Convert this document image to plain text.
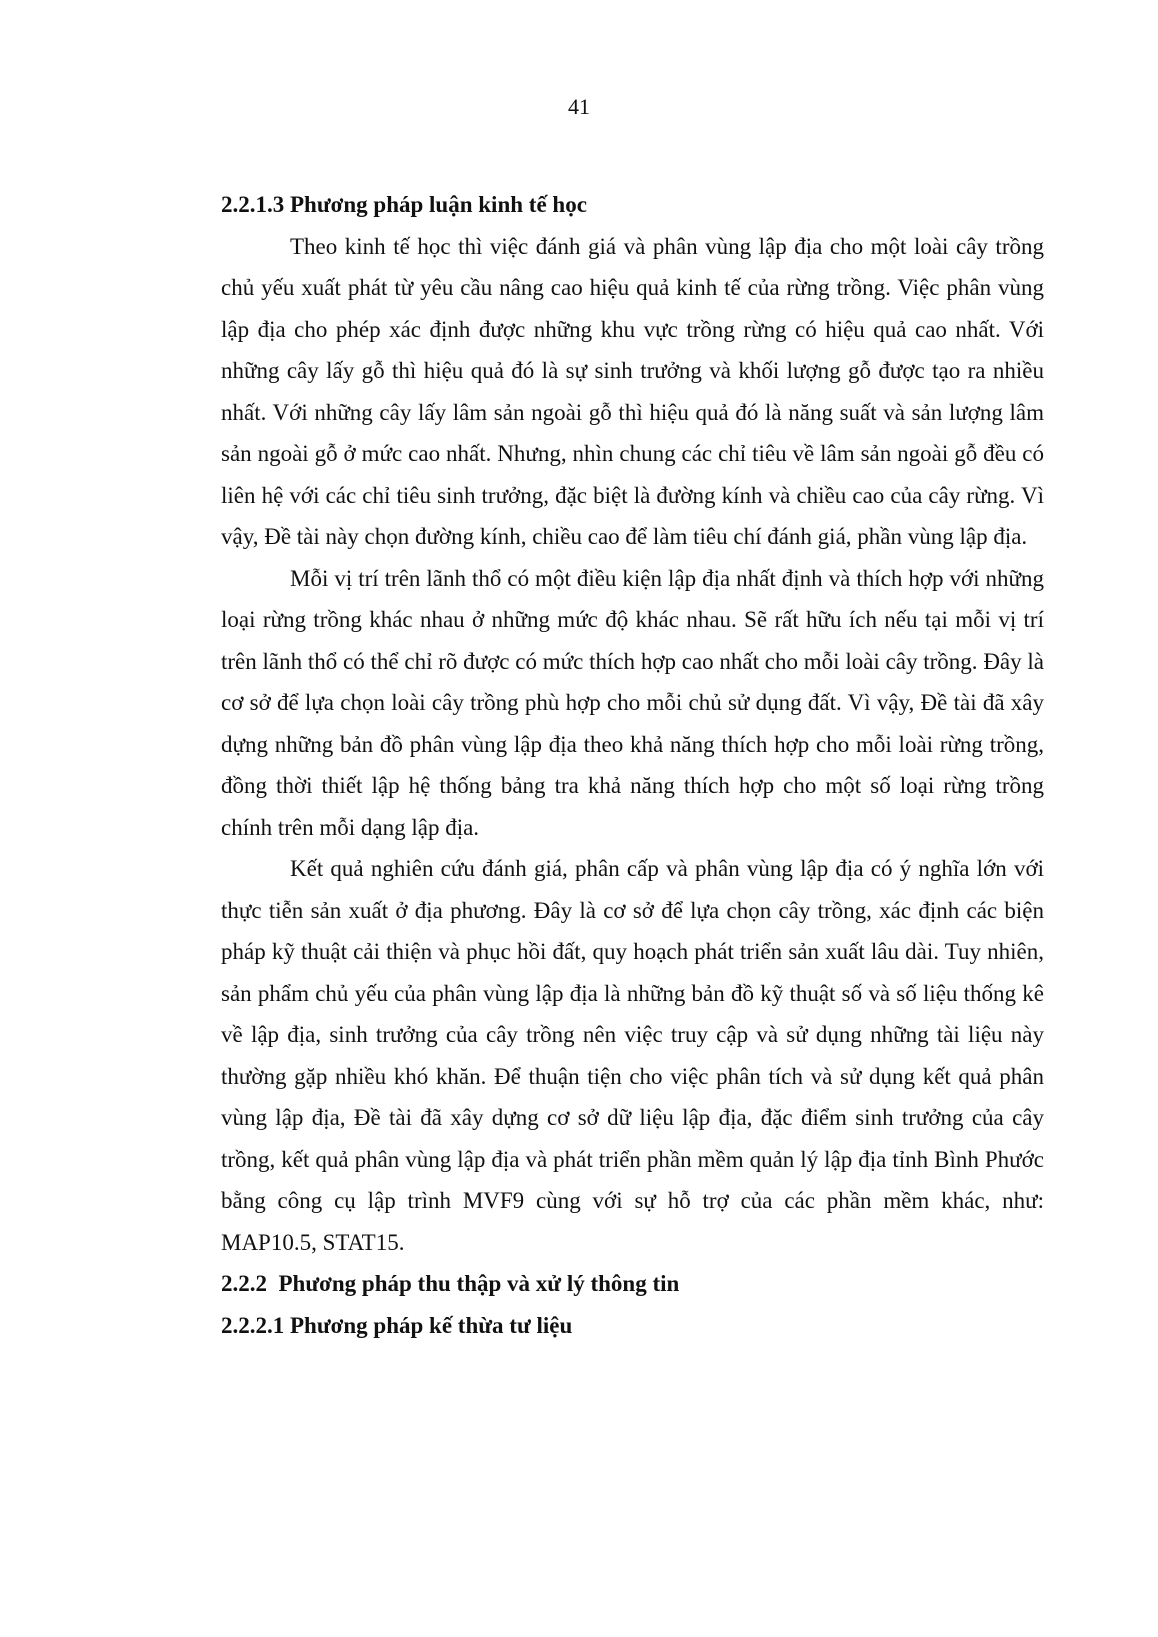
41
2.2.1.3 Phương pháp luận kinh tế học

Theo kinh tế học thì việc đánh giá và phân vùng lập địa cho một loài cây trồng chủ yếu xuất phát từ yêu cầu nâng cao hiệu quả kinh tế của rừng trồng. Việc phân vùng lập địa cho phép xác định được những khu vực trồng rừng có hiệu quả cao nhất. Với những cây lấy gỗ thì hiệu quả đó là sự sinh trưởng và khối lượng gỗ được tạo ra nhiều nhất. Với những cây lấy lâm sản ngoài gỗ thì hiệu quả đó là năng suất và sản lượng lâm sản ngoài gỗ ở mức cao nhất. Nhưng, nhìn chung các chỉ tiêu về lâm sản ngoài gỗ đều có liên hệ với các chỉ tiêu sinh trưởng, đặc biệt là đường kính và chiều cao của cây rừng. Vì vậy, Đề tài này chọn đường kính, chiều cao để làm tiêu chí đánh giá, phần vùng lập địa.

Mỗi vị trí trên lãnh thổ có một điều kiện lập địa nhất định và thích hợp với những loại rừng trồng khác nhau ở những mức độ khác nhau. Sẽ rất hữu ích nếu tại mỗi vị trí trên lãnh thổ có thể chỉ rõ được có mức thích hợp cao nhất cho mỗi loài cây trồng. Đây là cơ sở để lựa chọn loài cây trồng phù hợp cho mỗi chủ sử dụng đất. Vì vậy, Đề tài đã xây dựng những bản đồ phân vùng lập địa theo khả năng thích hợp cho mỗi loài rừng trồng, đồng thời thiết lập hệ thống bảng tra khả năng thích hợp cho một số loại rừng trồng chính trên mỗi dạng lập địa.

Kết quả nghiên cứu đánh giá, phân cấp và phân vùng lập địa có ý nghĩa lớn với thực tiễn sản xuất ở địa phương. Đây là cơ sở để lựa chọn cây trồng, xác định các biện pháp kỹ thuật cải thiện và phục hồi đất, quy hoạch phát triển sản xuất lâu dài. Tuy nhiên, sản phẩm chủ yếu của phân vùng lập địa là những bản đồ kỹ thuật số và số liệu thống kê về lập địa, sinh trưởng của cây trồng nên việc truy cập và sử dụng những tài liệu này thường gặp nhiều khó khăn. Để thuận tiện cho việc phân tích và sử dụng kết quả phân vùng lập địa, Đề tài đã xây dựng cơ sở dữ liệu lập địa, đặc điểm sinh trưởng của cây trồng, kết quả phân vùng lập địa và phát triển phần mềm quản lý lập địa tỉnh Bình Phước bằng công cụ lập trình MVF9 cùng với sự hỗ trợ của các phần mềm khác, như: MAP10.5, STAT15.

2.2.2  Phương pháp thu thập và xử lý thông tin
2.2.2.1 Phương pháp kế thừa tư liệu
